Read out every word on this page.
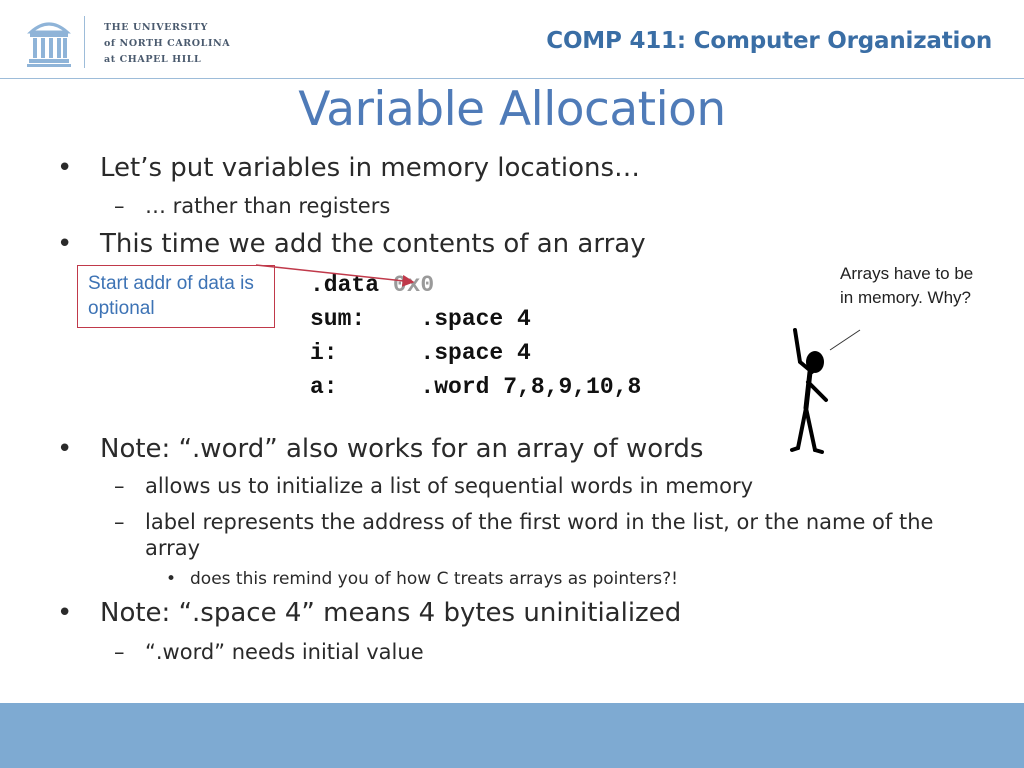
THE UNIVERSITY
of NORTH CAROLINA
at CHAPEL HILL
COMP 411: Computer Organization
Variable Allocation
• Let’s put variables in memory locations…
– … rather than registers
• This time we add the contents of an array
Start addr of data is optional
.data 0x0
sum:    .space 4
i:      .space 4
a:      .word 7,8,9,10,8
Arrays have to be in memory. Why?
• Note: “.word” also works for an array of words
– allows us to initialize a list of sequential words in memory
– label represents the address of the first word in the list, or the name of the array
• does this remind you of how C treats arrays as pointers?!
• Note: “.space 4” means 4 bytes uninitialized
– “.word” needs initial value
